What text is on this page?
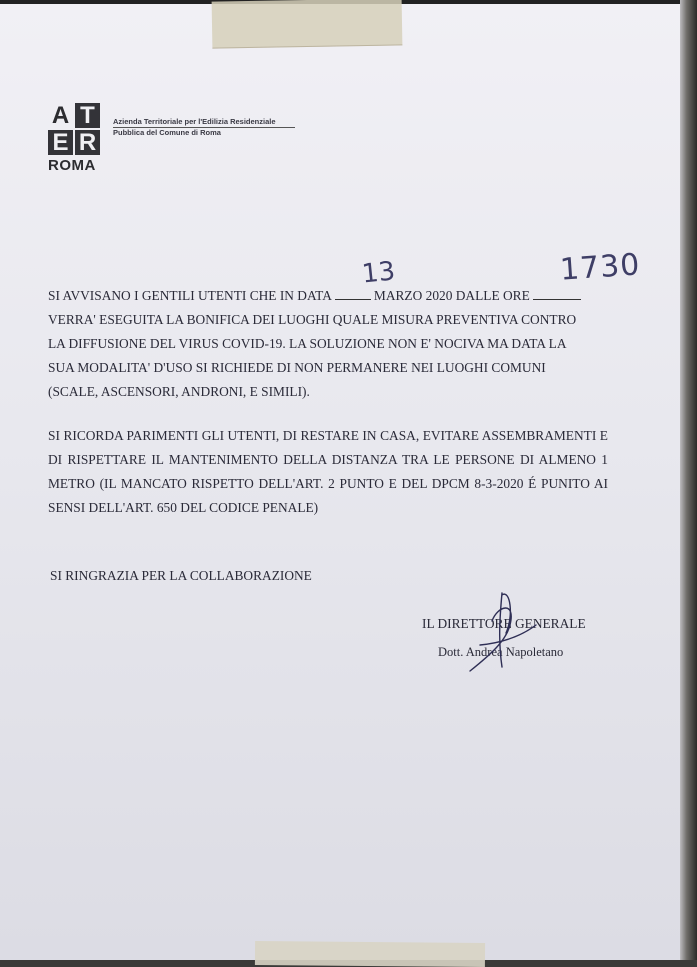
A T
E R
ROMA
Azienda Territoriale per l'Edilizia Residenziale
Pubblica del Comune di Roma
SI AVVISANO I GENTILI UTENTI CHE IN DATA	MARZO 2020 DALLE ORE
VERRA' ESEGUITA LA BONIFICA DEI LUOGHI QUALE MISURA PREVENTIVA CONTRO
LA DIFFUSIONE DEL VIRUS COVID-19. LA SOLUZIONE NON E' NOCIVA MA DATA LA
SUA MODALITA' D'USO SI RICHIEDE DI NON PERMANERE NEI LUOGHI COMUNI
(SCALE, ASCENSORI, ANDRONI, E SIMILI).
13	1730
SI RICORDA PARIMENTI GLI UTENTI, DI RESTARE IN CASA, EVITARE ASSEMBRAMENTI E DI RISPETTARE IL MANTENIMENTO DELLA DISTANZA TRA LE PERSONE DI ALMENO 1 METRO (IL MANCATO RISPETTO DELL'ART. 2 PUNTO E DEL DPCM 8-3-2020 É PUNITO AI SENSI DELL'ART. 650 DEL CODICE PENALE)
SI RINGRAZIA PER LA COLLABORAZIONE
IL DIRETTORE GENERALE
Dott. Andrea Napoletano
